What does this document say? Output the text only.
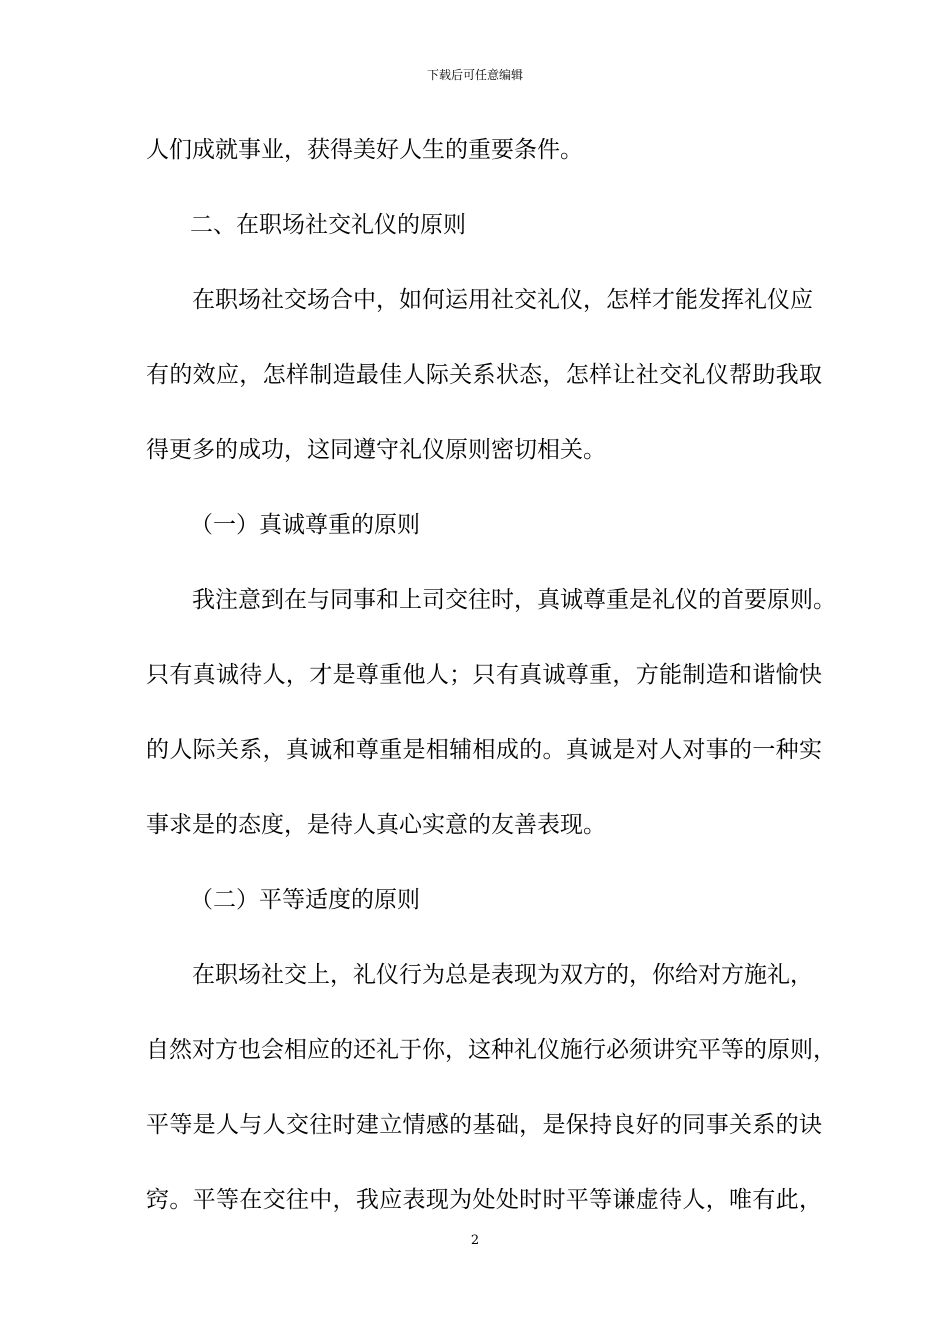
下载后可任意编辑
人们成就事业，获得美好人生的重要条件。
二、在职场社交礼仪的原则
在职场社交场合中，如何运用社交礼仪，怎样才能发挥礼仪应
有的效应，怎样制造最佳人际关系状态，怎样让社交礼仪帮助我取
得更多的成功，这同遵守礼仪原则密切相关。
（一）真诚尊重的原则
我注意到在与同事和上司交往时，真诚尊重是礼仪的首要原则。
只有真诚待人，才是尊重他人；只有真诚尊重，方能制造和谐愉快
的人际关系，真诚和尊重是相辅相成的。真诚是对人对事的一种实
事求是的态度，是待人真心实意的友善表现。
（二）平等适度的原则
在职场社交上，礼仪行为总是表现为双方的，你给对方施礼，
自然对方也会相应的还礼于你，这种礼仪施行必须讲究平等的原则，
平等是人与人交往时建立情感的基础，是保持良好的同事关系的诀
窍。平等在交往中，我应表现为处处时时平等谦虚待人，唯有此，
2
